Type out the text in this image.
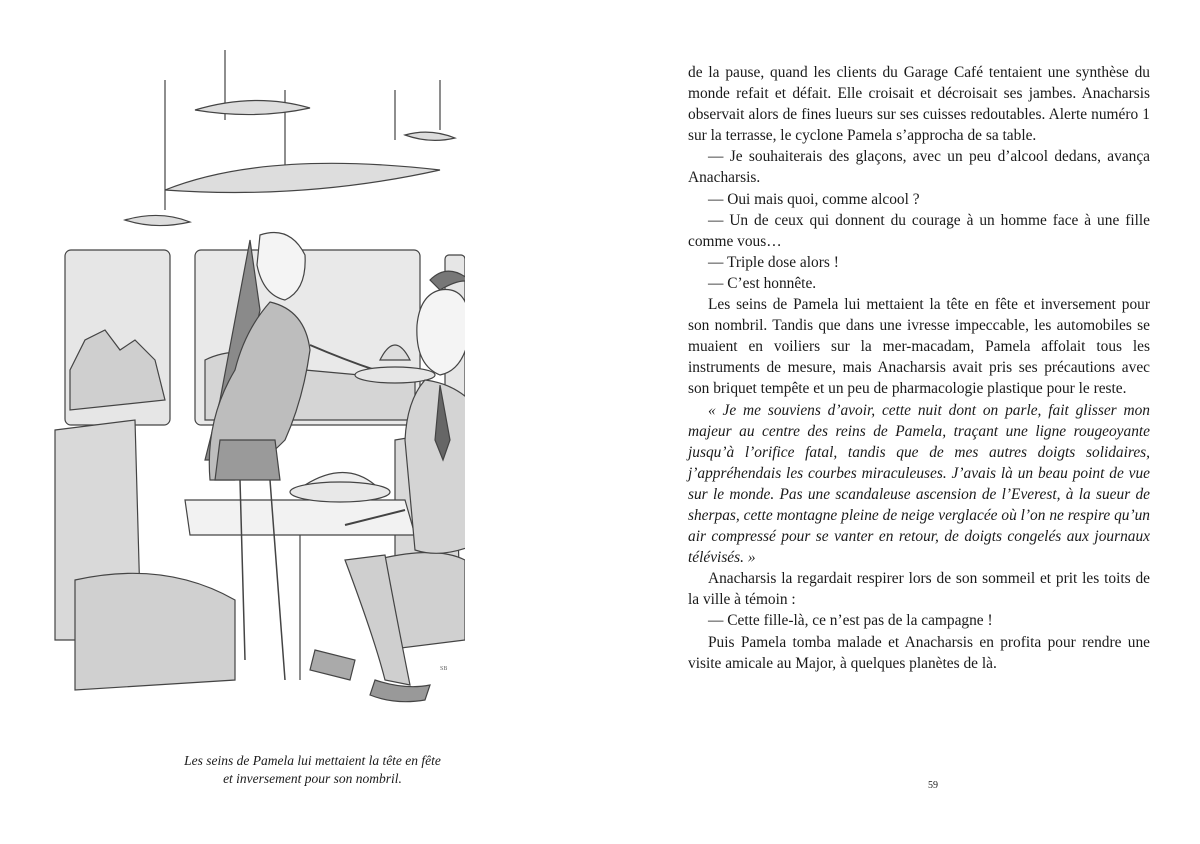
SB

Les seins de Pamela lui mettaient la tête en fête

et inversement pour son nombril.

de la pause, quand les clients du Garage Café tentaient une synthèse du monde refait et défait. Elle croisait et décroisait ses jambes. Anacharsis observait alors de fines lueurs sur ses cuisses redoutables. Alerte numéro 1 sur la terrasse, le cyclone Pamela s’approcha de sa table.

— Je souhaiterais des glaçons, avec un peu d’alcool dedans, avança Anacharsis.

— Oui mais quoi, comme alcool ?

— Un de ceux qui donnent du courage à un homme face à une fille comme vous…

— Triple dose alors !

— C’est honnête.

Les seins de Pamela lui mettaient la tête en fête et inversement pour son nombril. Tandis que dans une ivresse impeccable, les automobiles se muaient en voiliers sur la mer-macadam, Pamela affolait tous les instruments de mesure, mais Anacharsis avait pris ses précautions avec son briquet tempête et un peu de pharmacologie plastique pour le reste.

« Je me souviens d’avoir, cette nuit dont on parle, fait glisser mon majeur au centre des reins de Pamela, traçant une ligne rougeoyante jusqu’à l’orifice fatal, tandis que de mes autres doigts solidaires, j’appréhendais les courbes miraculeuses. J’avais là un beau point de vue sur le monde. Pas une scandaleuse ascension de l’Everest, à la sueur de sherpas, cette montagne pleine de neige verglacée où l’on ne respire qu’un air compressé pour se vanter en retour, de doigts congelés aux journaux télévisés. »

Anacharsis la regardait respirer lors de son sommeil et prit les toits de la ville à témoin :

— Cette fille-là, ce n’est pas de la campagne !

Puis Pamela tomba malade et Anacharsis en profita pour rendre une visite amicale au Major, à quelques planètes de là.

59
